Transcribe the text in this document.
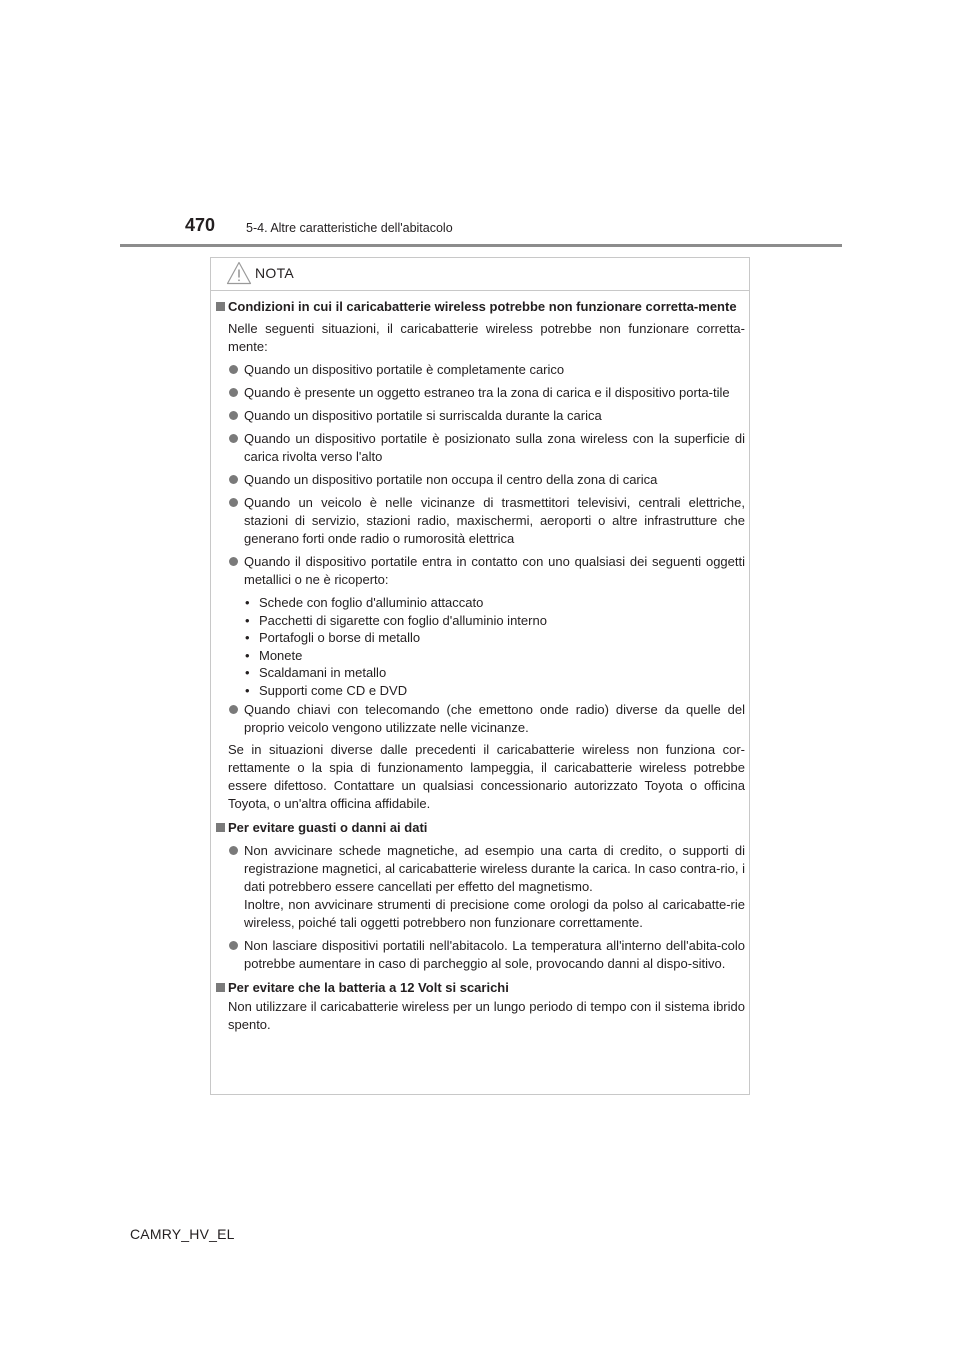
470 5-4. Altre caratteristiche dell'abitacolo
NOTA
Condizioni in cui il caricabatterie wireless potrebbe non funzionare corretta-mente
Nelle seguenti situazioni, il caricabatterie wireless potrebbe non funzionare corretta-mente:
Quando un dispositivo portatile è completamente carico
Quando è presente un oggetto estraneo tra la zona di carica e il dispositivo porta-tile
Quando un dispositivo portatile si surriscalda durante la carica
Quando un dispositivo portatile è posizionato sulla zona wireless con la superficie di carica rivolta verso l'alto
Quando un dispositivo portatile non occupa il centro della zona di carica
Quando un veicolo è nelle vicinanze di trasmettitori televisivi, centrali elettriche, stazioni di servizio, stazioni radio, maxischermi, aeroporti o altre infrastrutture che generano forti onde radio o rumorosità elettrica
Quando il dispositivo portatile entra in contatto con uno qualsiasi dei seguenti oggetti metallici o ne è ricoperto:
• Schede con foglio d'alluminio attaccato
• Pacchetti di sigarette con foglio d'alluminio interno
• Portafogli o borse di metallo
• Monete
• Scaldamani in metallo
• Supporti come CD e DVD
Quando chiavi con telecomando (che emettono onde radio) diverse da quelle del proprio veicolo vengono utilizzate nelle vicinanze.
Se in situazioni diverse dalle precedenti il caricabatterie wireless non funziona cor-rettamente o la spia di funzionamento lampeggia, il caricabatterie wireless potrebbe essere difettoso. Contattare un qualsiasi concessionario autorizzato Toyota o officina Toyota, o un'altra officina affidabile.
Per evitare guasti o danni ai dati
Non avvicinare schede magnetiche, ad esempio una carta di credito, o supporti di registrazione magnetici, al caricabatterie wireless durante la carica. In caso contra-rio, i dati potrebbero essere cancellati per effetto del magnetismo.
Inoltre, non avvicinare strumenti di precisione come orologi da polso al caricabatte-rie wireless, poiché tali oggetti potrebbero non funzionare correttamente.
Non lasciare dispositivi portatili nell'abitacolo. La temperatura all'interno dell'abita-colo potrebbe aumentare in caso di parcheggio al sole, provocando danni al dispo-sitivo.
Per evitare che la batteria a 12 Volt si scarichi
Non utilizzare il caricabatterie wireless per un lungo periodo di tempo con il sistema ibrido spento.
CAMRY_HV_EL
